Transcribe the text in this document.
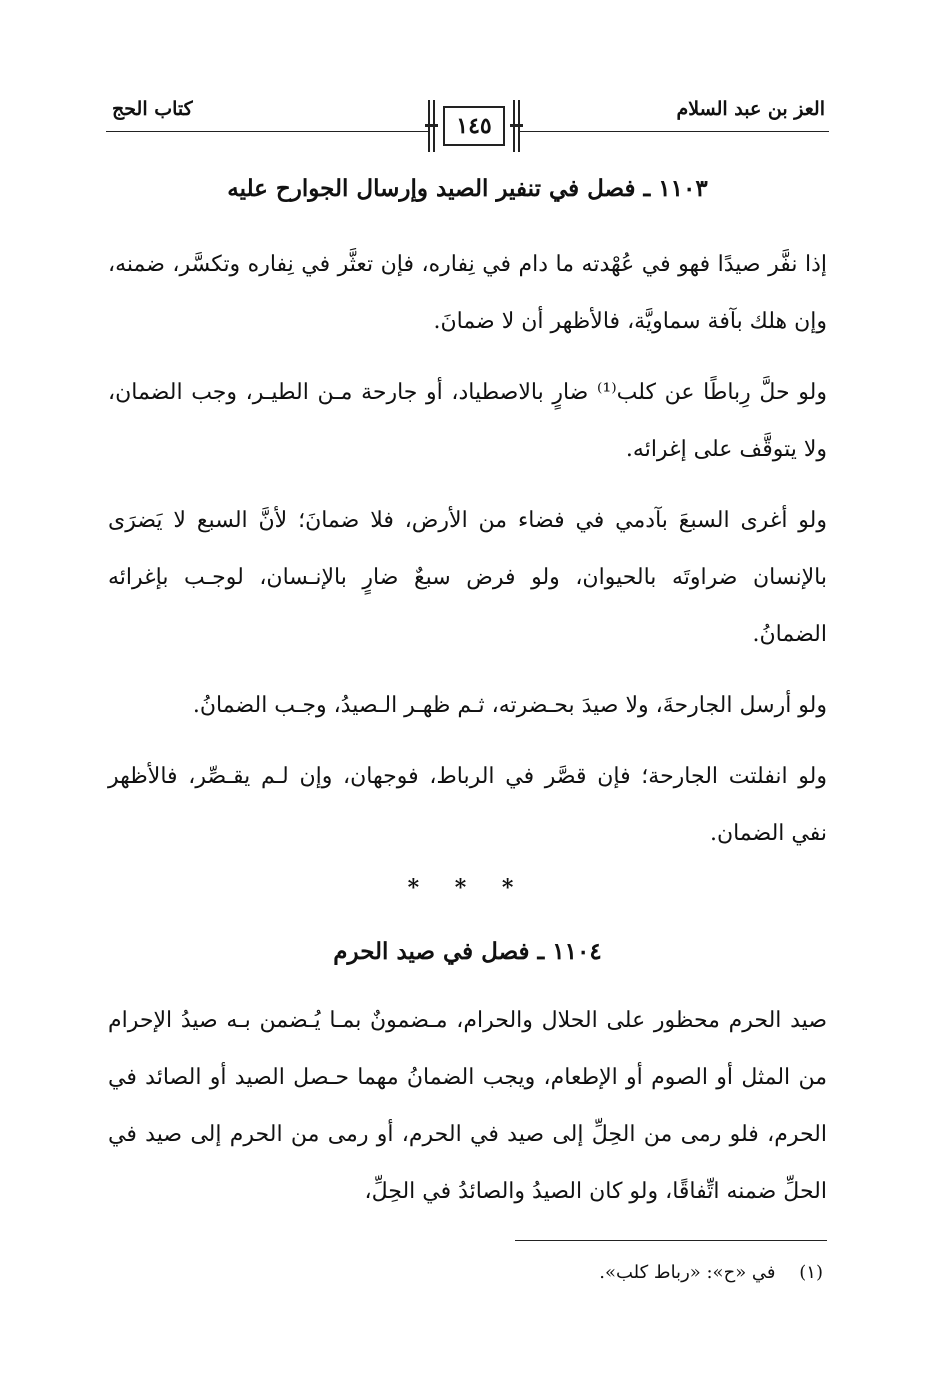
العز بن عبد السلام
كتاب الحج
١٤٥
١١٠٣ ـ فصل في تنفير الصيد وإرسال الجوارح عليه

إذا نفَّر صيدًا فهو في عُهْدته ما دام في نِفاره، فإن تعثَّر في نِفاره وتكسَّر، ضمنه، وإن هلك بآفة سماويَّة، فالأظهر أن لا ضمانَ.

ولو حلَّ رِباطًا عن كلب⁽¹⁾ ضارٍ بالاصطياد، أو جارحة مـن الطيـر، وجب الضمان، ولا يتوقَّف على إغرائه.

ولو أغرى السبعَ بآدمي في فضاء من الأرض، فلا ضمانَ؛ لأنَّ السبع لا يَضرَى بالإنسان ضراوتَه بالحيوان، ولو فرض سبعٌ ضارٍ بالإنـسان، لوجـب بإغرائه الضمانُ.

ولو أرسل الجارحةَ، ولا صيدَ بحـضرته، ثـم ظهـر الـصيدُ، وجـب الضمانُ.

ولو انفلتت الجارحة؛ فإن قصَّر في الرباط، فوجهان، وإن لـم يقـصِّر، فالأظهر نفي الضمان.

* * *
١١٠٤ ـ فصل في صيد الحرم

صيد الحرم محظور على الحلال والحرام، مـضمونٌ بمـا يُـضمن بـه صيدُ الإحرام من المثل أو الصوم أو الإطعام، ويجب الضمانُ مهما حـصل الصيد أو الصائد في الحرم، فلو رمى من الحِلِّ إلى صيد في الحرم، أو رمى من الحرم إلى صيد في الحلِّ ضمنه اتِّفاقًا، ولو كان الصيدُ والصائدُ في الحِلِّ،

(١) في «ح»: «رباط كلب».
